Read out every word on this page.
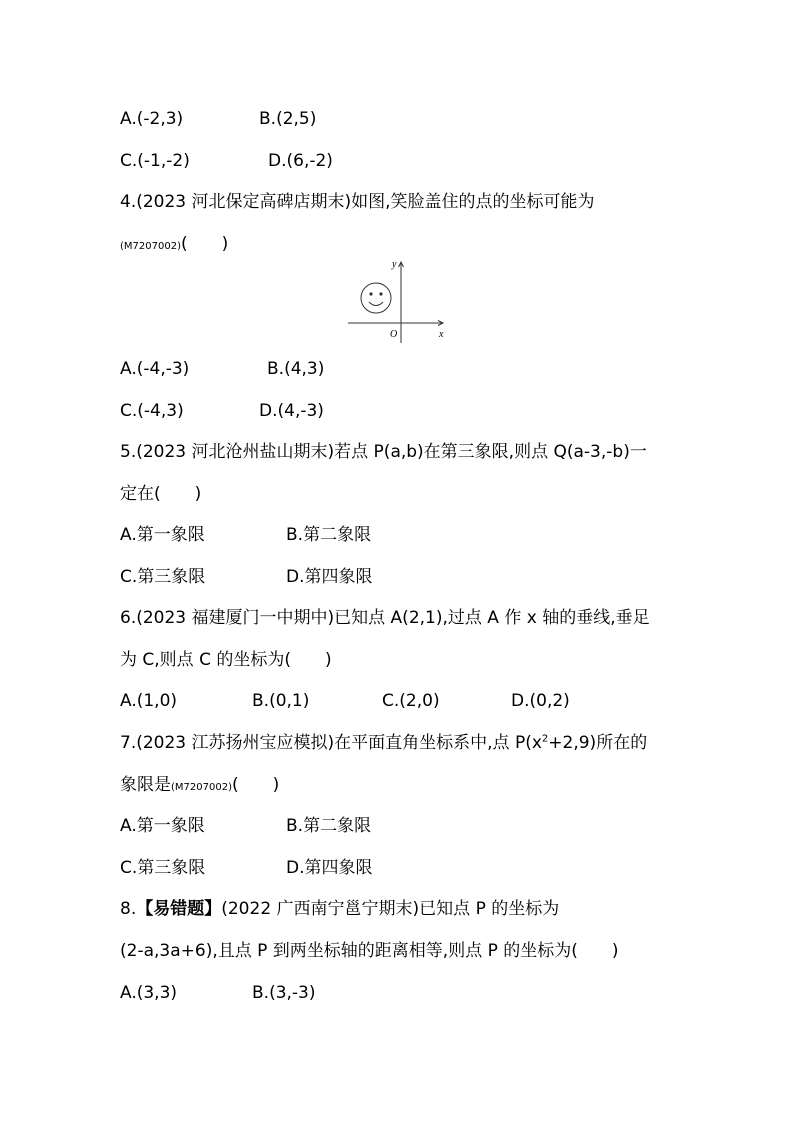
A.(-2,3)	B.(2,5)
C.(-1,-2)	D.(6,-2)
4.(2023 河北保定高碑店期末)如图,笑脸盖住的点的坐标可能为
(M7207002)(　　)
y
x
O
A.(-4,-3)	B.(4,3)
C.(-4,3)	D.(4,-3)
5.(2023 河北沧州盐山期末)若点 P(a,b)在第三象限,则点 Q(a-3,-b)一
定在(　　)
A.第一象限	B.第二象限
C.第三象限	D.第四象限
6.(2023 福建厦门一中期中)已知点 A(2,1),过点 A 作 x 轴的垂线,垂足
为 C,则点 C 的坐标为(　　)
A.(1,0)	B.(0,1)	C.(2,0)	D.(0,2)
7.(2023 江苏扬州宝应模拟)在平面直角坐标系中,点 $P(x^2+2,9)$所在的
象限是(M7207002)(　　)
A.第一象限	B.第二象限
C.第三象限	D.第四象限
8.【易错题】(2022 广西南宁邕宁期末)已知点 P 的坐标为
(2-a,3a+6),且点 P 到两坐标轴的距离相等,则点 P 的坐标为(　　)
A.(3,3)	B.(3,-3)
